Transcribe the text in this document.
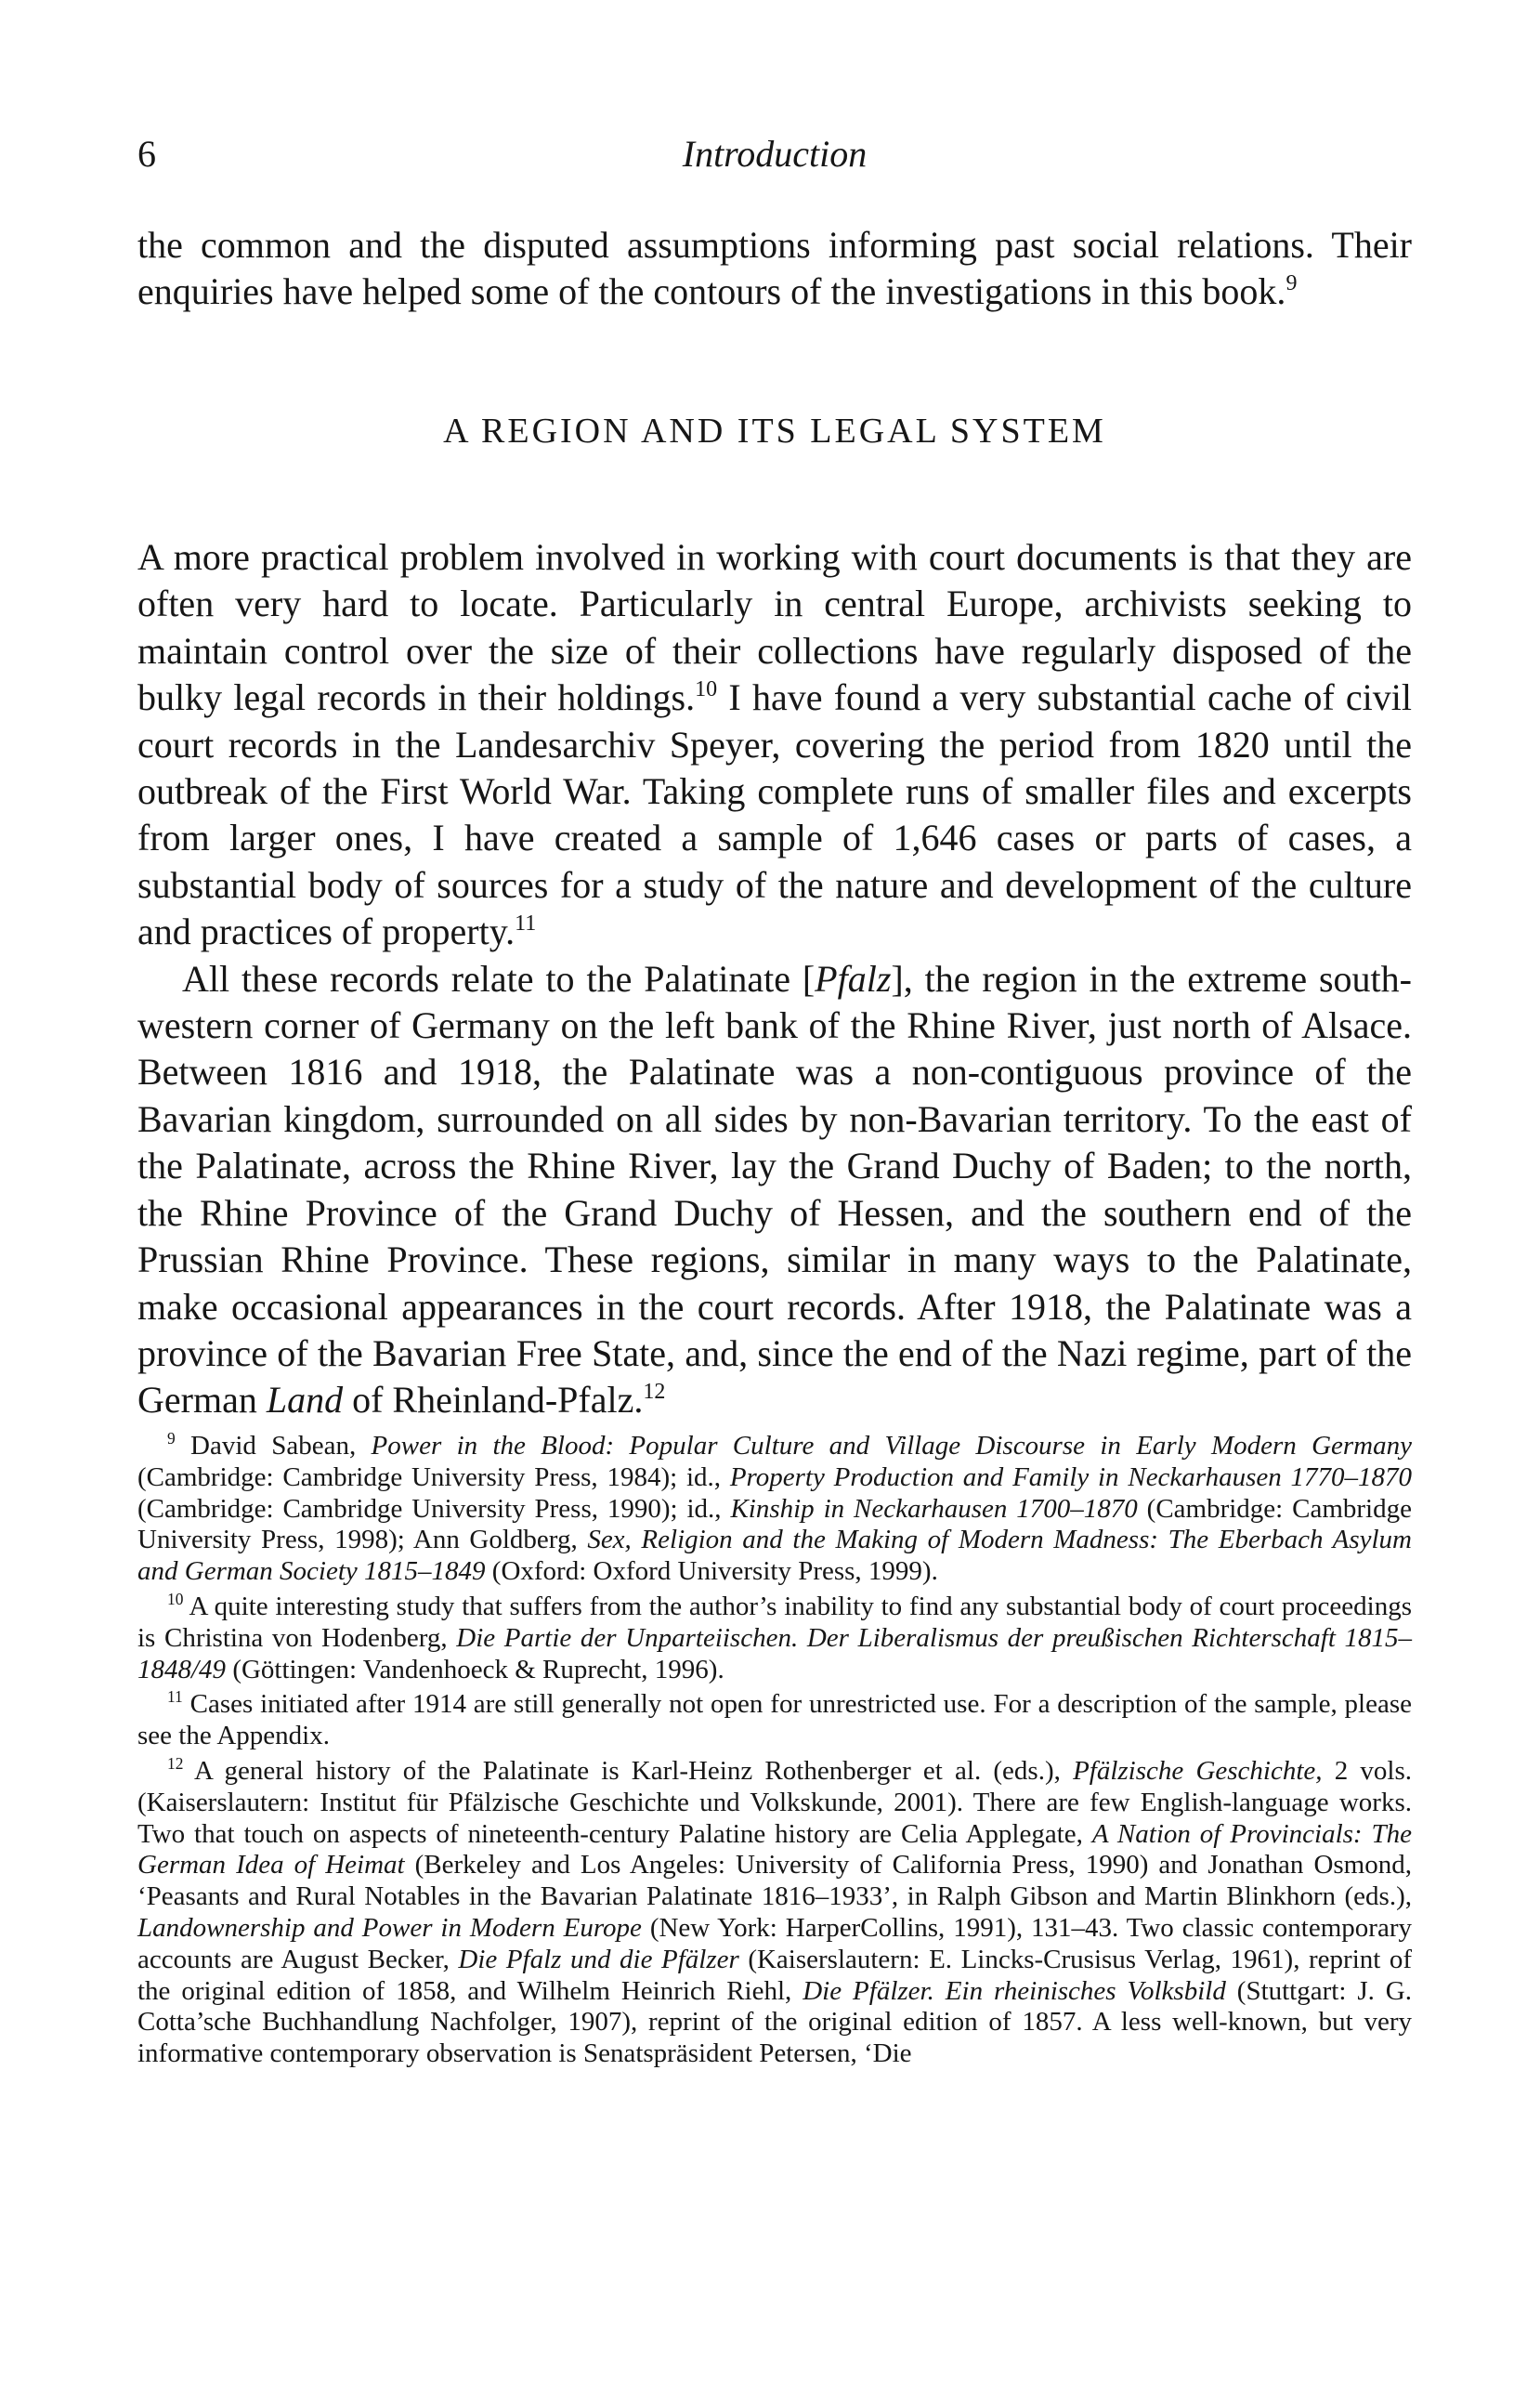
6	Introduction

the common and the disputed assumptions informing past social relations. Their enquiries have helped some of the contours of the investigations in this book.$^9$

A REGION AND ITS LEGAL SYSTEM

A more practical problem involved in working with court documents is that they are often very hard to locate. Particularly in central Europe, archivists seeking to maintain control over the size of their collections have regularly disposed of the bulky legal records in their holdings.$^{10}$ I have found a very substantial cache of civil court records in the Landesarchiv Speyer, covering the period from 1820 until the outbreak of the First World War. Taking complete runs of smaller files and excerpts from larger ones, I have created a sample of 1,646 cases or parts of cases, a substantial body of sources for a study of the nature and development of the culture and practices of property.$^{11}$

All these records relate to the Palatinate [Pfalz], the region in the extreme south-western corner of Germany on the left bank of the Rhine River, just north of Alsace. Between 1816 and 1918, the Palatinate was a non-contiguous province of the Bavarian kingdom, surrounded on all sides by non-Bavarian territory. To the east of the Palatinate, across the Rhine River, lay the Grand Duchy of Baden; to the north, the Rhine Province of the Grand Duchy of Hessen, and the southern end of the Prussian Rhine Province. These regions, similar in many ways to the Palatinate, make occasional appearances in the court records. After 1918, the Palatinate was a province of the Bavarian Free State, and, since the end of the Nazi regime, part of the German Land of Rheinland-Pfalz.$^{12}$

$^9$ David Sabean, Power in the Blood: Popular Culture and Village Discourse in Early Modern Germany (Cambridge: Cambridge University Press, 1984); id., Property Production and Family in Neckarhausen 1770–1870 (Cambridge: Cambridge University Press, 1990); id., Kinship in Neckarhausen 1700–1870 (Cambridge: Cambridge University Press, 1998); Ann Goldberg, Sex, Religion and the Making of Modern Madness: The Eberbach Asylum and German Society 1815–1849 (Oxford: Oxford University Press, 1999).

$^{10}$ A quite interesting study that suffers from the author’s inability to find any substantial body of court proceedings is Christina von Hodenberg, Die Partie der Unparteiischen. Der Liberalismus der preußischen Richterschaft 1815–1848/49 (Göttingen: Vandenhoeck & Ruprecht, 1996).

$^{11}$ Cases initiated after 1914 are still generally not open for unrestricted use. For a description of the sample, please see the Appendix.

$^{12}$ A general history of the Palatinate is Karl-Heinz Rothenberger et al. (eds.), Pfälzische Geschichte, 2 vols. (Kaiserslautern: Institut für Pfälzische Geschichte und Volkskunde, 2001). There are few English-language works. Two that touch on aspects of nineteenth-century Palatine history are Celia Applegate, A Nation of Provincials: The German Idea of Heimat (Berkeley and Los Angeles: University of California Press, 1990) and Jonathan Osmond, ‘Peasants and Rural Notables in the Bavarian Palatinate 1816–1933’, in Ralph Gibson and Martin Blinkhorn (eds.), Landownership and Power in Modern Europe (New York: HarperCollins, 1991), 131–43. Two classic contemporary accounts are August Becker, Die Pfalz und die Pfälzer (Kaiserslautern: E. Lincks-Crusisus Verlag, 1961), reprint of the original edition of 1858, and Wilhelm Heinrich Riehl, Die Pfälzer. Ein rheinisches Volksbild (Stuttgart: J. G. Cotta’sche Buchhandlung Nachfolger, 1907), reprint of the original edition of 1857. A less well-known, but very informative contemporary observation is Senatspräsident Petersen, ‘Die
